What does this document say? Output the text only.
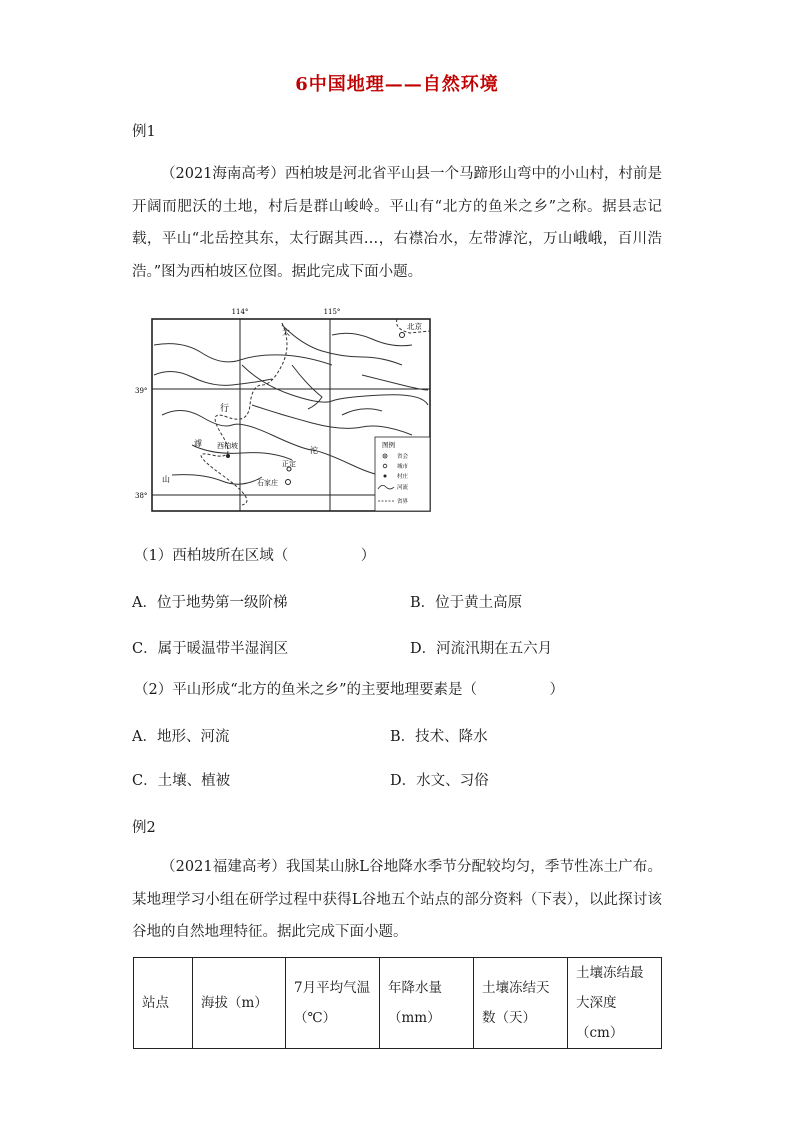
6中国地理——自然环境
例1
（2021海南高考）西柏坡是河北省平山县一个马蹄形山弯中的小山村，村前是开阔而肥沃的土地，村后是群山峻岭。平山有“北方的鱼米之乡”之称。据县志记载，平山“北岳控其东，太行踞其西…，右襟冶水，左带滹沱，万山峨峨，百川浩浩。”图为西柏坡区位图。据此完成下面小题。
114°	115°
39°
38°
北京
太
行
山
滹
沱
西柏坡
正定
石家庄
图例
省会
城市
村庄
河流
省界
（1）西柏坡所在区域（　　　　　）
A．位于地势第一级阶梯	B．位于黄土高原
C．属于暖温带半湿润区	D．河流汛期在五六月
（2）平山形成“北方的鱼米之乡”的主要地理要素是（　　　　　）
A．地形、河流	B．技术、降水
C．土壤、植被	D．水文、习俗
例2
（2021福建高考）我国某山脉L谷地降水季节分配较均匀，季节性冻土广布。某地理学习小组在研学过程中获得L谷地五个站点的部分资料（下表），以此探讨该谷地的自然地理特征。据此完成下面小题。
站点	海拔（m）	7月平均气温（℃）	年降水量（mm）	土壤冻结天数（天）	土壤冻结最大深度（cm）
